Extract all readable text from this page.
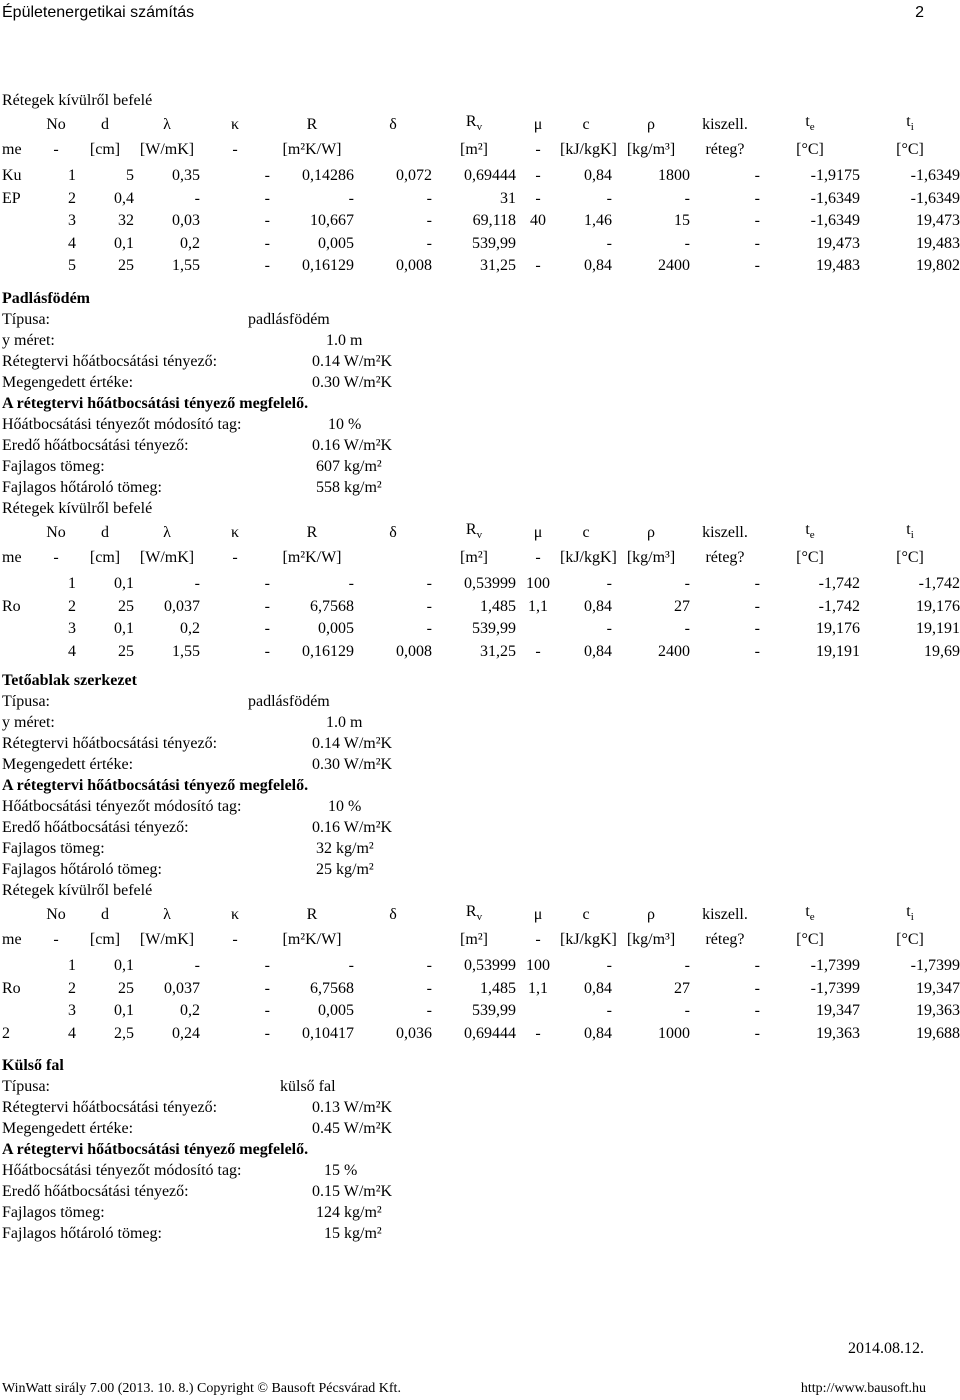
Épületenergetikai számítás	2
Rétegek kívülről befelé
	No	d	λ	κ	R	δ	$R_v$	μ	c	ρ	kiszell.	$t_e$	$t_i$
me	-	[cm]	[W/mK]	-	[m²K/W]		[m²]	-	[kJ/kgK]	[kg/m³]	réteg?	[°C]	[°C]

Ku	1	5	0,35	-	0,14286	0,072	0,69444	-	0,84	1800	-	-1,9175	-1,6349
EP	2	0,4	-	-	-	-	31	-	-	-	-	-1,6349	-1,6349
	3	32	0,03	-	10,667	-	69,118	40	1,46	15	-	-1,6349	19,473
	4	0,1	0,2	-	0,005	-	539,99		-	-	-	19,473	19,483
	5	25	1,55	-	0,16129	0,008	31,25	-	0,84	2400	-	19,483	19,802
Padlásfödém
Típusa:	padlásfödém
y méret:	1.0 m
Rétegtervi hőátbocsátási tényező:	0.14 W/m²K
Megengedett értéke:	0.30 W/m²K
A rétegtervi hőátbocsátási tényező megfelelő.
Hőátbocsátási tényezőt módosító tag:	10 %
Eredő hőátbocsátási tényező:	0.16 W/m²K
Fajlagos tömeg:	607 kg/m²
Fajlagos hőtároló tömeg:	558 kg/m²
Rétegek kívülről befelé
	No	d	λ	κ	R	δ	$R_v$	μ	c	ρ	kiszell.	$t_e$	$t_i$
me	-	[cm]	[W/mK]	-	[m²K/W]		[m²]	-	[kJ/kgK]	[kg/m³]	réteg?	[°C]	[°C]

	1	0,1	-	-	-	-	0,53999	100	-	-	-	-1,742	-1,742
Ro	2	25	0,037	-	6,7568	-	1,485	1,1	0,84	27	-	-1,742	19,176
	3	0,1	0,2	-	0,005	-	539,99		-	-	-	19,176	19,191
	4	25	1,55	-	0,16129	0,008	31,25	-	0,84	2400	-	19,191	19,69
Tetőablak szerkezet
Típusa:	padlásfödém
y méret:	1.0 m
Rétegtervi hőátbocsátási tényező:	0.14 W/m²K
Megengedett értéke:	0.30 W/m²K
A rétegtervi hőátbocsátási tényező megfelelő.
Hőátbocsátási tényezőt módosító tag:	10 %
Eredő hőátbocsátási tényező:	0.16 W/m²K
Fajlagos tömeg:	32 kg/m²
Fajlagos hőtároló tömeg:	25 kg/m²
Rétegek kívülről befelé
	No	d	λ	κ	R	δ	$R_v$	μ	c	ρ	kiszell.	$t_e$	$t_i$
me	-	[cm]	[W/mK]	-	[m²K/W]		[m²]	-	[kJ/kgK]	[kg/m³]	réteg?	[°C]	[°C]

	1	0,1	-	-	-	-	0,53999	100	-	-	-	-1,7399	-1,7399
Ro	2	25	0,037	-	6,7568	-	1,485	1,1	0,84	27	-	-1,7399	19,347
	3	0,1	0,2	-	0,005	-	539,99		-	-	-	19,347	19,363
2	4	2,5	0,24	-	0,10417	0,036	0,69444	-	0,84	1000	-	19,363	19,688
Külső fal
Típusa:	külső fal
Rétegtervi hőátbocsátási tényező:	0.13 W/m²K
Megengedett értéke:	0.45 W/m²K
A rétegtervi hőátbocsátási tényező megfelelő.
Hőátbocsátási tényezőt módosító tag:	15 %
Eredő hőátbocsátási tényező:	0.15 W/m²K
Fajlagos tömeg:	124 kg/m²
Fajlagos hőtároló tömeg:	15 kg/m²
2014.08.12.
WinWatt sirály 7.00 (2013. 10. 8.) Copyright © Bausoft Pécsvárad Kft.	http://www.bausoft.hu
